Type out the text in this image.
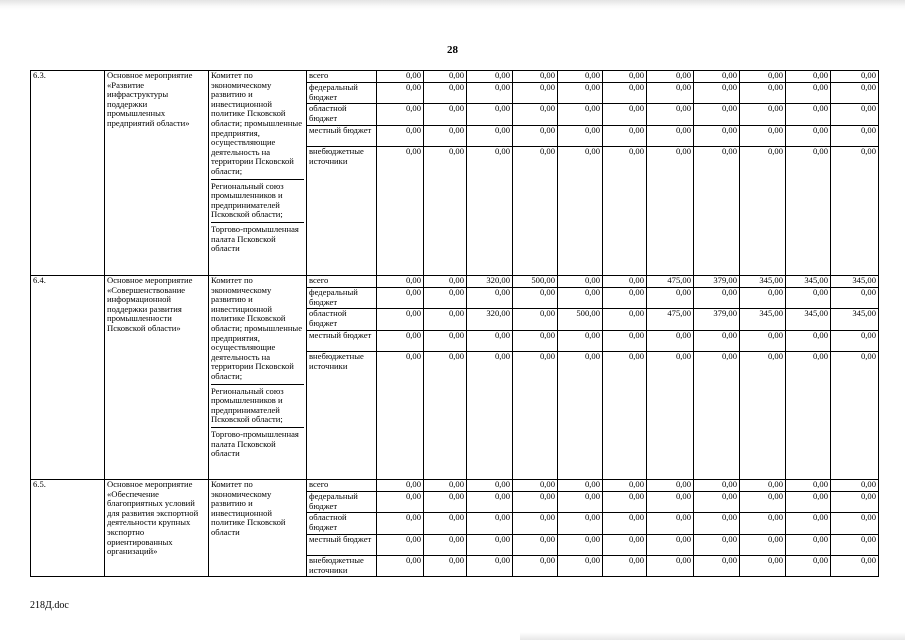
28
6.3.	Основное мероприятие «Развитие инфраструктуры поддержки промышленных предприятий области»	Комитет по экономическому развитию и инвестиционной политике Псковской области; промышленные предприятия, осуществляющие деятельность на территории Псковской области;
Региональный союз промышленников и предпринимателей Псковской области;
Торгово-промышленная палата Псковской области	всего	0,00	0,00	0,00	0,00	0,00	0,00	0,00	0,00	0,00	0,00	0,00
			федеральный бюджет	0,00	0,00	0,00	0,00	0,00	0,00	0,00	0,00	0,00	0,00	0,00
			областной бюджет	0,00	0,00	0,00	0,00	0,00	0,00	0,00	0,00	0,00	0,00	0,00
			местный бюджет	0,00	0,00	0,00	0,00	0,00	0,00	0,00	0,00	0,00	0,00	0,00
			внебюджетные источники	0,00	0,00	0,00	0,00	0,00	0,00	0,00	0,00	0,00	0,00	0,00
6.4.	Основное мероприятие «Совершенствование информационной поддержки развития промышленности Псковской области»	Комитет по экономическому развитию и инвестиционной политике Псковской области; промышленные предприятия, осуществляющие деятельность на территории Псковской области;
Региональный союз промышленников и предпринимателей Псковской области;
Торгово-промышленная палата Псковской области	всего	0,00	0,00	320,00	500,00	0,00	0,00	475,00	379,00	345,00	345,00	345,00
			федеральный бюджет	0,00	0,00	0,00	0,00	0,00	0,00	0,00	0,00	0,00	0,00	0,00
			областной бюджет	0,00	0,00	320,00	0,00	500,00	0,00	475,00	379,00	345,00	345,00	345,00
			местный бюджет	0,00	0,00	0,00	0,00	0,00	0,00	0,00	0,00	0,00	0,00	0,00
			внебюджетные источники	0,00	0,00	0,00	0,00	0,00	0,00	0,00	0,00	0,00	0,00	0,00
6.5.	Основное мероприятие «Обеспечение благоприятных условий для развития экспортной деятельности крупных экспортно ориентированных организаций»	Комитет по экономическому развитию и инвестиционной политике Псковской области	всего	0,00	0,00	0,00	0,00	0,00	0,00	0,00	0,00	0,00	0,00	0,00
			федеральный бюджет	0,00	0,00	0,00	0,00	0,00	0,00	0,00	0,00	0,00	0,00	0,00
			областной бюджет	0,00	0,00	0,00	0,00	0,00	0,00	0,00	0,00	0,00	0,00	0,00
			местный бюджет	0,00	0,00	0,00	0,00	0,00	0,00	0,00	0,00	0,00	0,00	0,00
			внебюджетные источники	0,00	0,00	0,00	0,00	0,00	0,00	0,00	0,00	0,00	0,00	0,00
218Д.doc
